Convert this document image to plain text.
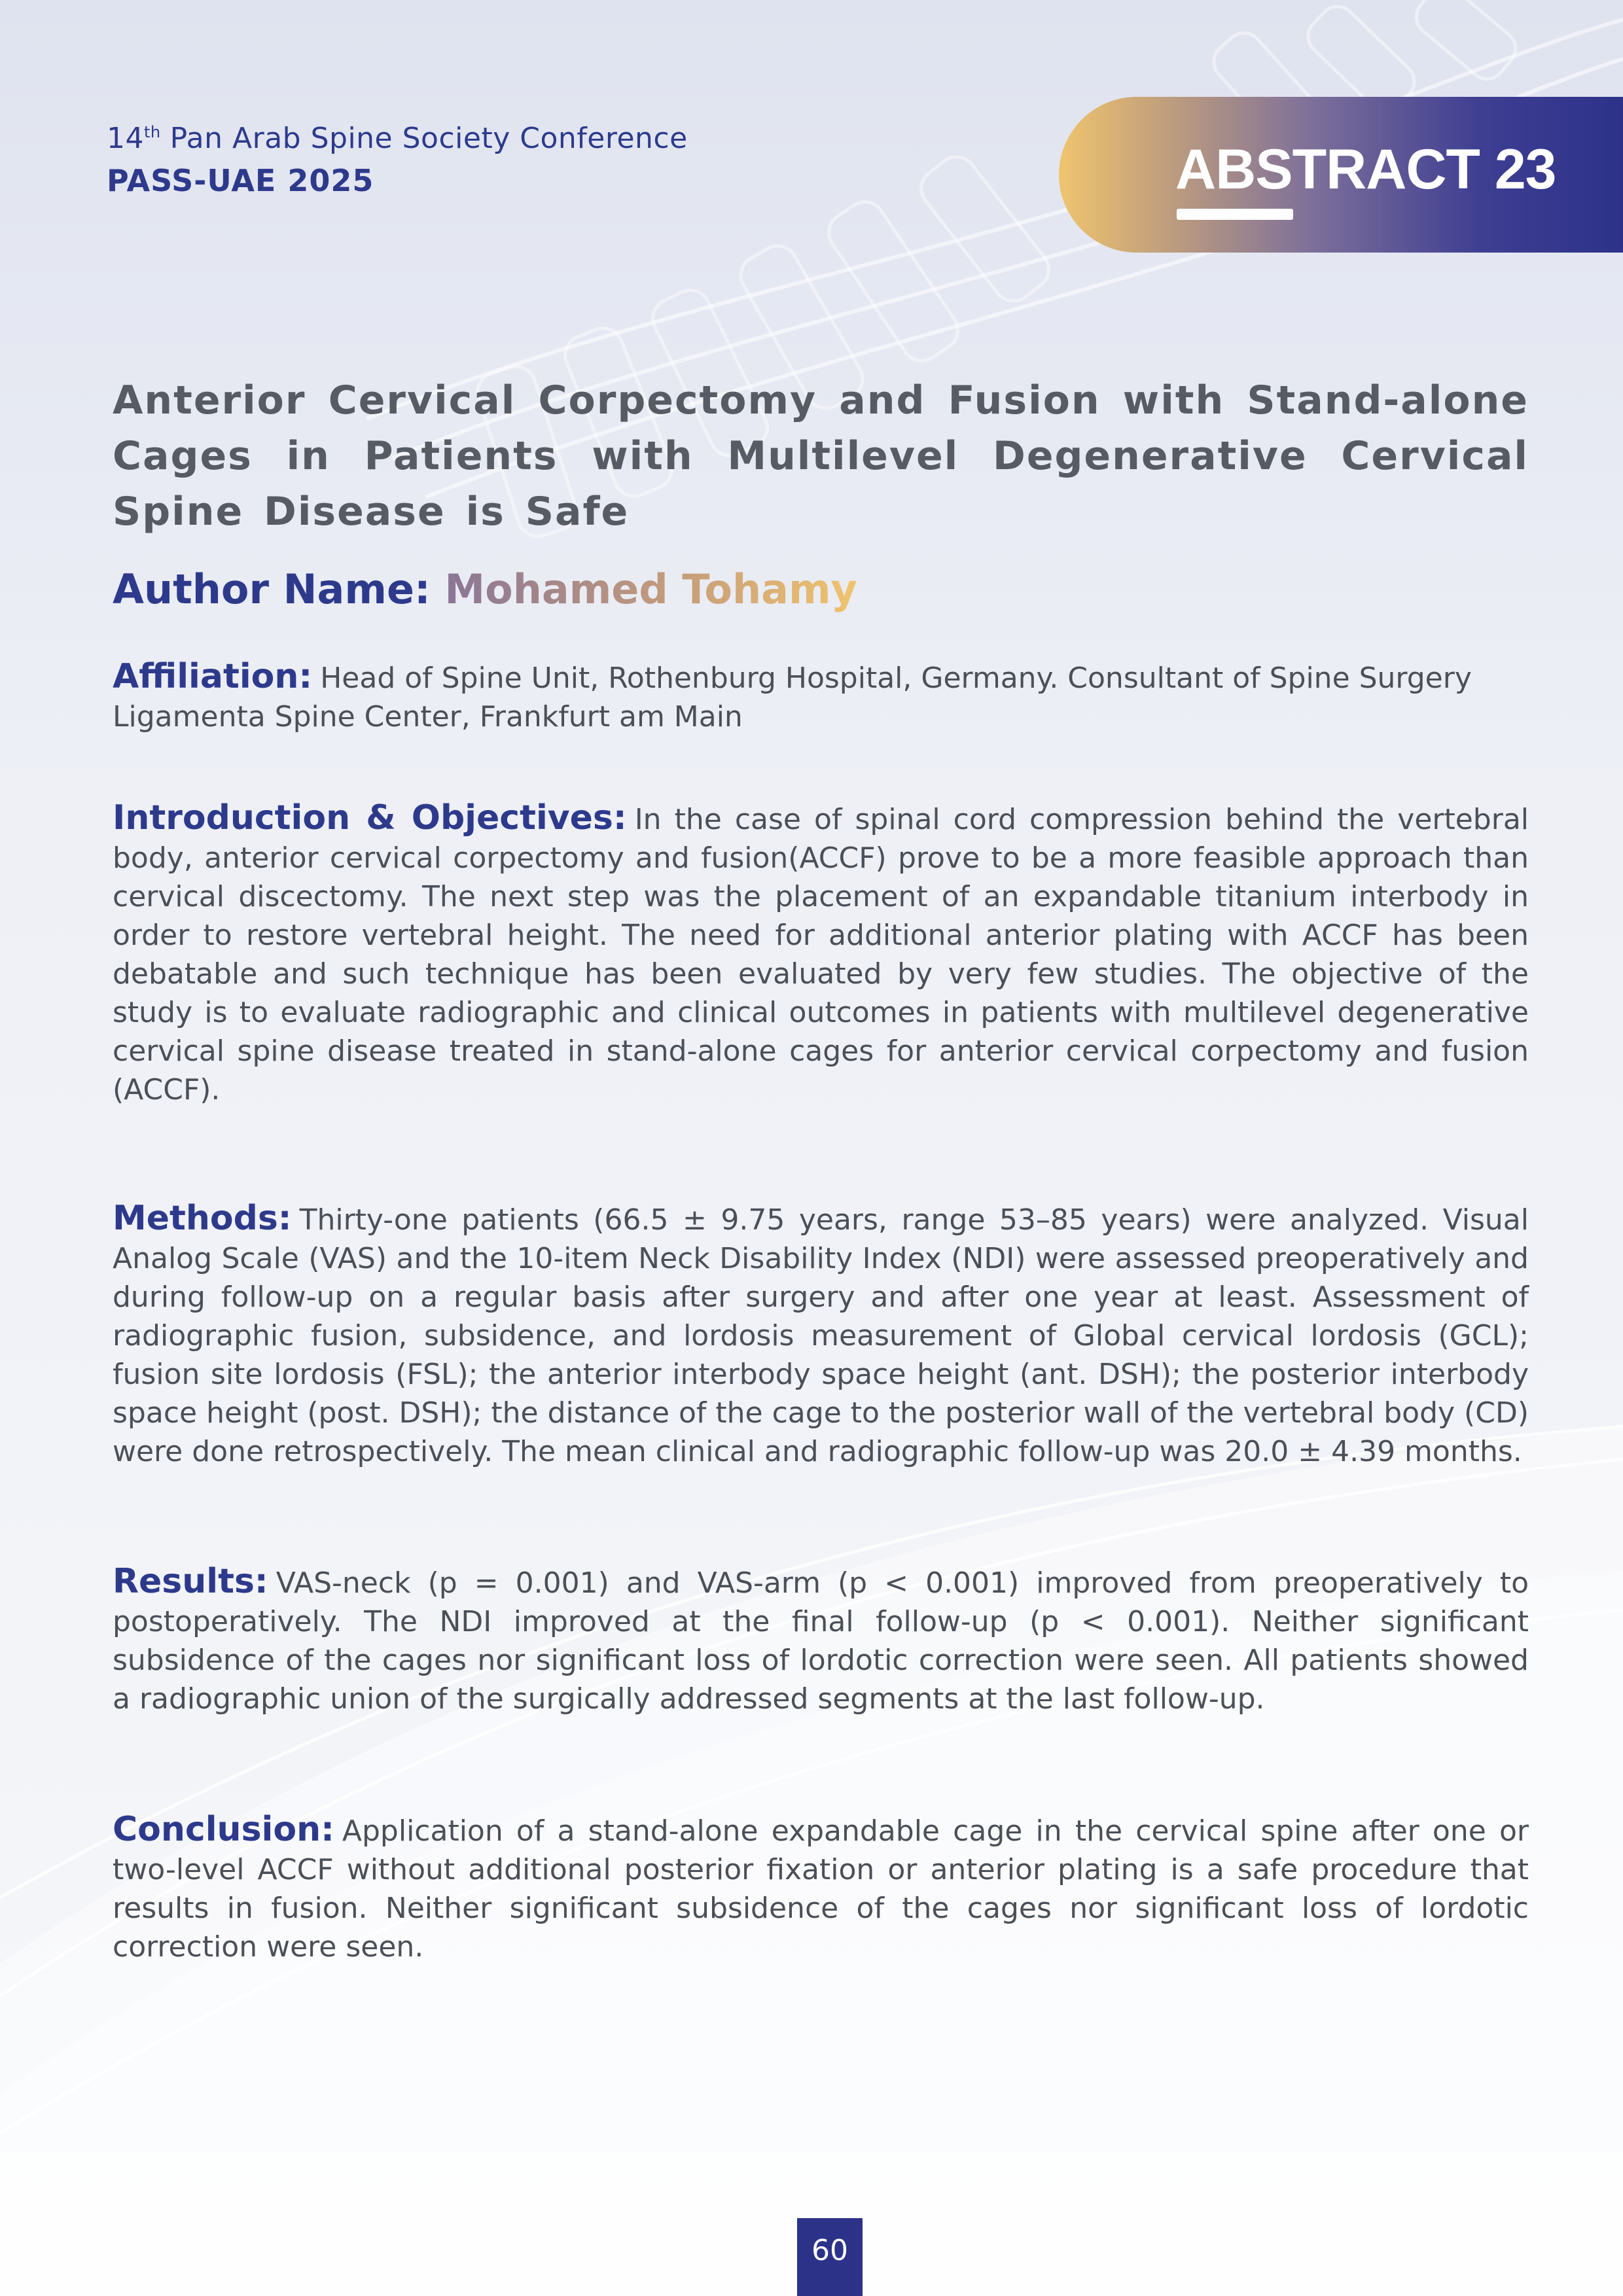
14th Pan Arab Spine Society Conference
PASS-UAE 2025	ABSTRACT 23
Anterior Cervical Corpectomy and Fusion with Stand-alone Cages in Patients with Multilevel Degenerative Cervical Spine Disease is Safe
Author Name: Mohamed Tohamy
Affiliation: Head of Spine Unit, Rothenburg Hospital, Germany. Consultant of Spine Surgery Ligamenta Spine Center, Frankfurt am Main
Introduction & Objectives: In the case of spinal cord compression behind the vertebral body, anterior cervical corpectomy and fusion(ACCF) prove to be a more feasible approach than cervical discectomy. The next step was the placement of an expandable titanium interbody in order to restore vertebral height. The need for additional anterior plating with ACCF has been debatable and such technique has been evaluated by very few studies. The objective of the study is to evaluate radiographic and clinical outcomes in patients with multilevel degenerative cervical spine disease treated in stand-alone cages for anterior cervical corpectomy and fusion (ACCF).
Methods: Thirty-one patients (66.5 ± 9.75 years, range 53–85 years) were analyzed. Visual Analog Scale (VAS) and the 10-item Neck Disability Index (NDI) were assessed preoperatively and during follow-up on a regular basis after surgery and after one year at least. Assessment of radiographic fusion, subsidence, and lordosis measurement of Global cervical lordosis (GCL); fusion site lordosis (FSL); the anterior interbody space height (ant. DSH); the posterior interbody space height (post. DSH); the distance of the cage to the posterior wall of the vertebral body (CD) were done retrospectively. The mean clinical and radiographic follow-up was 20.0 ± 4.39 months.
Results: VAS-neck (p = 0.001) and VAS-arm (p < 0.001) improved from preoperatively to postoperatively. The NDI improved at the final follow-up (p < 0.001). Neither significant subsidence of the cages nor significant loss of lordotic correction were seen. All patients showed a radiographic union of the surgically addressed segments at the last follow-up.
Conclusion: Application of a stand-alone expandable cage in the cervical spine after one or two-level ACCF without additional posterior fixation or anterior plating is a safe procedure that results in fusion. Neither significant subsidence of the cages nor significant loss of lordotic correction were seen.
60
